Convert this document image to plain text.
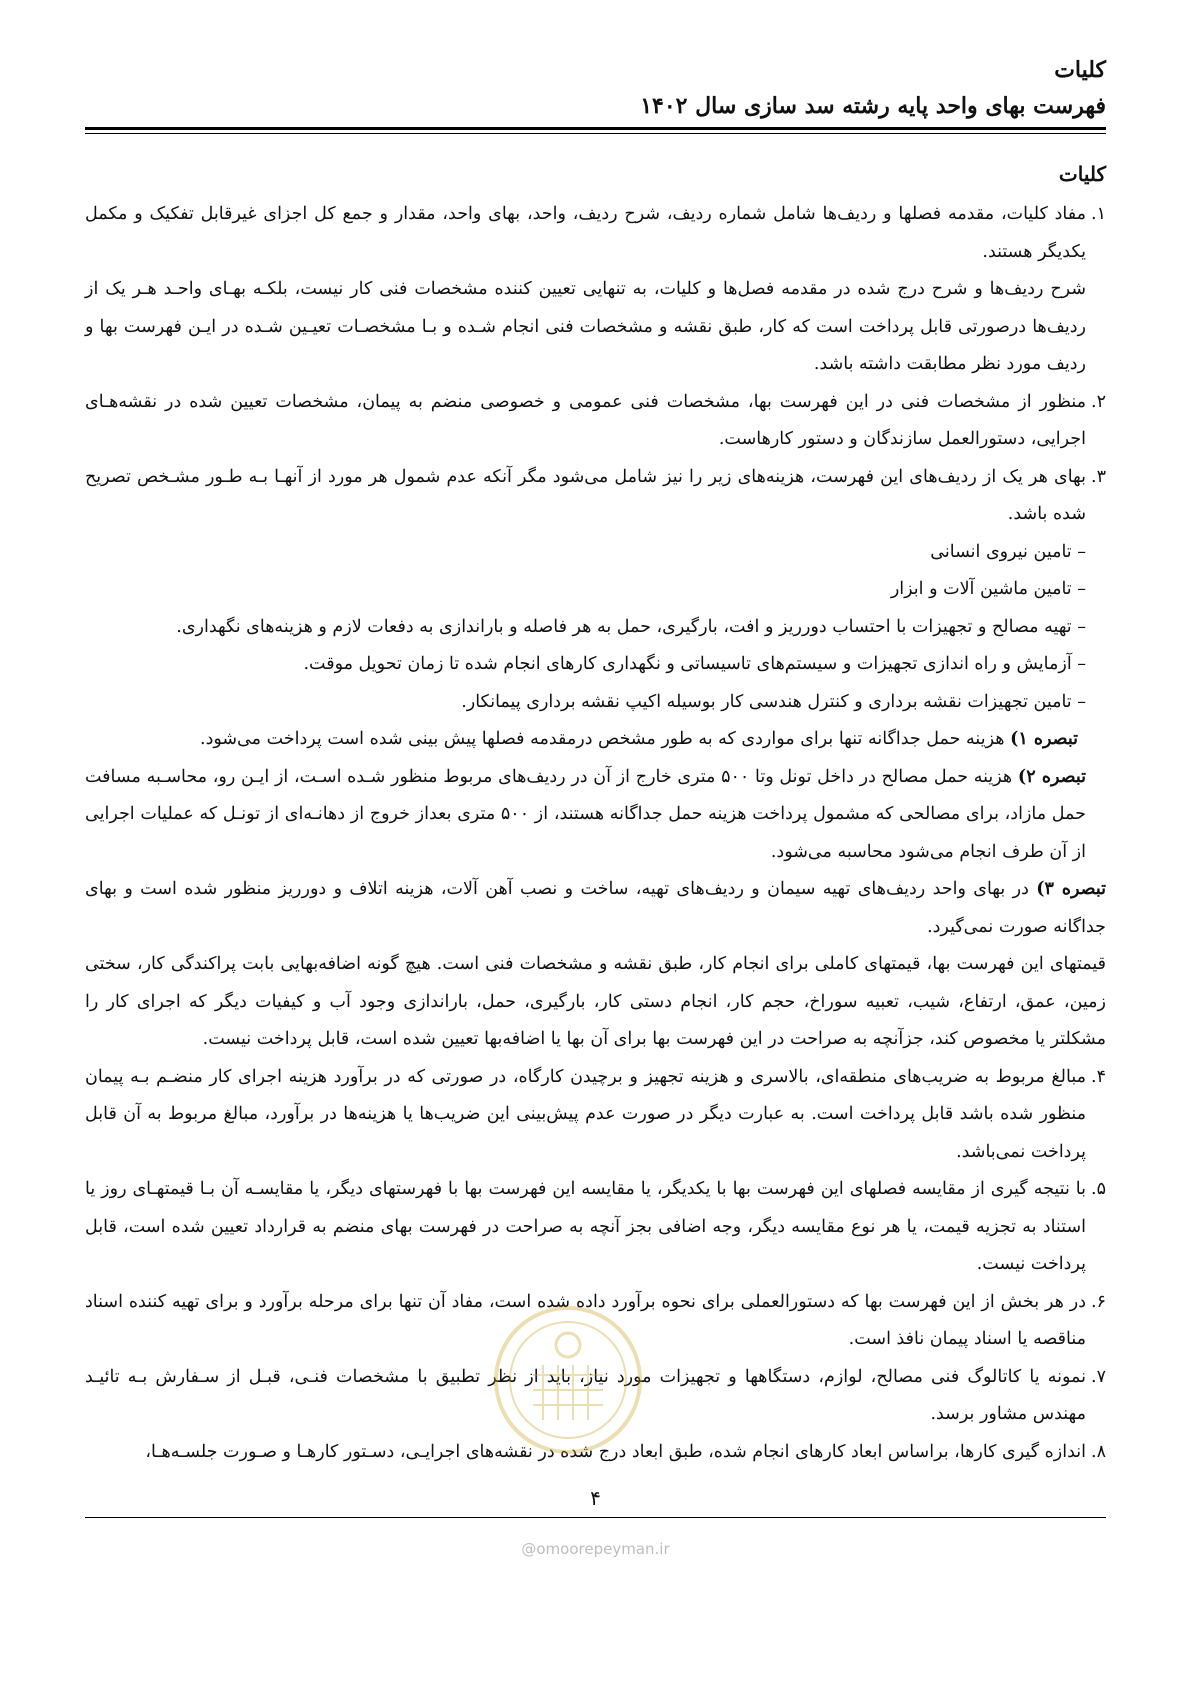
کلیات
فهرست بهای واحد پایه رشته سد سازی سال ۱۴۰۲

کلیات

۱.
مفاد کلیات، مقدمه فصلها و ردیف‌ها شامل شماره ردیف، شرح ردیف، واحد، بهای واحد، مقدار و جمع کل اجزای غیرقابل تفکیک و مکمل یکدیگر هستند.

شرح ردیف‌ها و شرح درج شده در مقدمه فصل‌ها و کلیات، به تنهایی تعیین کننده مشخصات فنی کار نیست، بلکـه بهـای واحـد هـر یک از ردیف‌ها درصورتی قابل پرداخت است که کار، طبق نقشه و مشخصات فنی انجام شـده و بـا مشخصـات تعیـین شـده در ایـن فهرست بها و ردیف مورد نظر مطابقت داشته باشد.

۲.
منظور از مشخصات فنی در این فهرست بها، مشخصات فنی عمومی و خصوصی منضم به پیمان، مشخصات تعیین شده در نقشه‌هـای اجرایی، دستورالعمل سازندگان و دستور کارهاست.
۳.
بهای هر یک از ردیف‌های این فهرست، هزینه‌های زیر را نیز شامل می‌شود مگر آنکه عدم شمول هر مورد از آنهـا بـه طـور مشـخص تصریح شده باشد.

– تامین نیروی انسانی

– تامین ماشین آلات و ابزار

– تهیه مصالح و تجهیزات با احتساب دورریز و افت، بارگیری، حمل به هر فاصله و باراندازی به دفعات لازم و هزینه‌های نگهداری.

– آزمایش و راه اندازی تجهیزات و سیستم‌های تاسیساتی و نگهداری کارهای انجام شده تا زمان تحویل موقت.

– تامین تجهیزات نقشه برداری و کنترل هندسی کار بوسیله اکیپ نقشه برداری پیمانکار.

تبصره ۱) هزینه حمل جداگانه تنها برای مواردی که به طور مشخص درمقدمه فصلها پیش بینی شده است پرداخت می‌شود.

تبصره ۲) هزینه حمل مصالح در داخل تونل وتا ۵۰۰ متری خارج از آن در ردیف‌های مربوط منظور شـده اسـت، از ایـن رو، محاسـبه مسافت حمل مازاد، برای مصالحی که مشمول پرداخت هزینه حمل جداگانه هستند، از ۵۰۰ متری بعداز خروج از دهانـه‌ای از تونـل که عملیات اجرایی از آن طرف انجام می‌شود محاسبه می‌شود.

تبصره ۳) در بهای واحد ردیف‌های تهیه سیمان و ردیف‌های تهیه، ساخت و نصب آهن آلات، هزینه اتلاف و دورریز منظور شده است و بهای جداگانه صورت نمی‌گیرد.

قیمتهای این فهرست بها، قیمتهای کاملی برای انجام کار، طبق نقشه و مشخصات فنی است. هیچ گونه اضافه‌بهایی بابت پراکندگی کار، سختی زمین، عمق، ارتفاع، شیب، تعبیه سوراخ، حجم کار، انجام دستی کار، بارگیری، حمل، باراندازی وجود آب و کیفیات دیگر که اجرای کار را مشکلتر یا مخصوص کند، جزآنچه به صراحت در این فهرست بها برای آن بها یا اضافه‌بها تعیین شده است، قابل پرداخت نیست.

۴.
مبالغ مربوط به ضریب‌های منطقه‌ای، بالاسری و هزینه تجهیز و برچیدن کارگاه، در صورتی که در برآورد هزینه اجرای کار منضـم بـه پیمان منظور شده باشد قابل پرداخت است. به عبارت دیگر در صورت عدم پیش‌بینی این ضریب‌ها یا هزینه‌ها در برآورد، مبالغ مربوط به آن قابل پرداخت نمی‌باشد.
۵.
با نتیجه گیری از مقایسه فصلهای این فهرست بها با یکدیگر، یا مقایسه این فهرست بها با فهرستهای دیگر، یا مقایسـه آن بـا قیمتهـای روز یا استناد به تجزیه قیمت، یا هر نوع مقایسه دیگر، وجه اضافی بجز آنچه به صراحت در فهرست بهای منضم به قرارداد تعیین شده است، قابل پرداخت نیست.
۶.
در هر بخش از این فهرست بها که دستورالعملی برای نحوه برآورد داده شده است، مفاد آن تنها برای مرحله برآورد و برای تهیه کننده اسناد مناقصه یا اسناد پیمان نافذ است.
۷.
نمونه یا کاتالوگ فنی مصالح، لوازم، دستگاهها و تجهیزات مورد نیاز، باید از نظر تطبیق با مشخصات فنـی، قبـل از سـفارش بـه تائیـد مهندس مشاور برسد.
۸.
اندازه گیری کارها، براساس ابعاد کارهای انجام شده، طبق ابعاد درج شده در نقشه‌های اجرایـی، دسـتور کارهـا و صـورت جلسـه‌هـا،
۴
@omoorepeyman.ir
